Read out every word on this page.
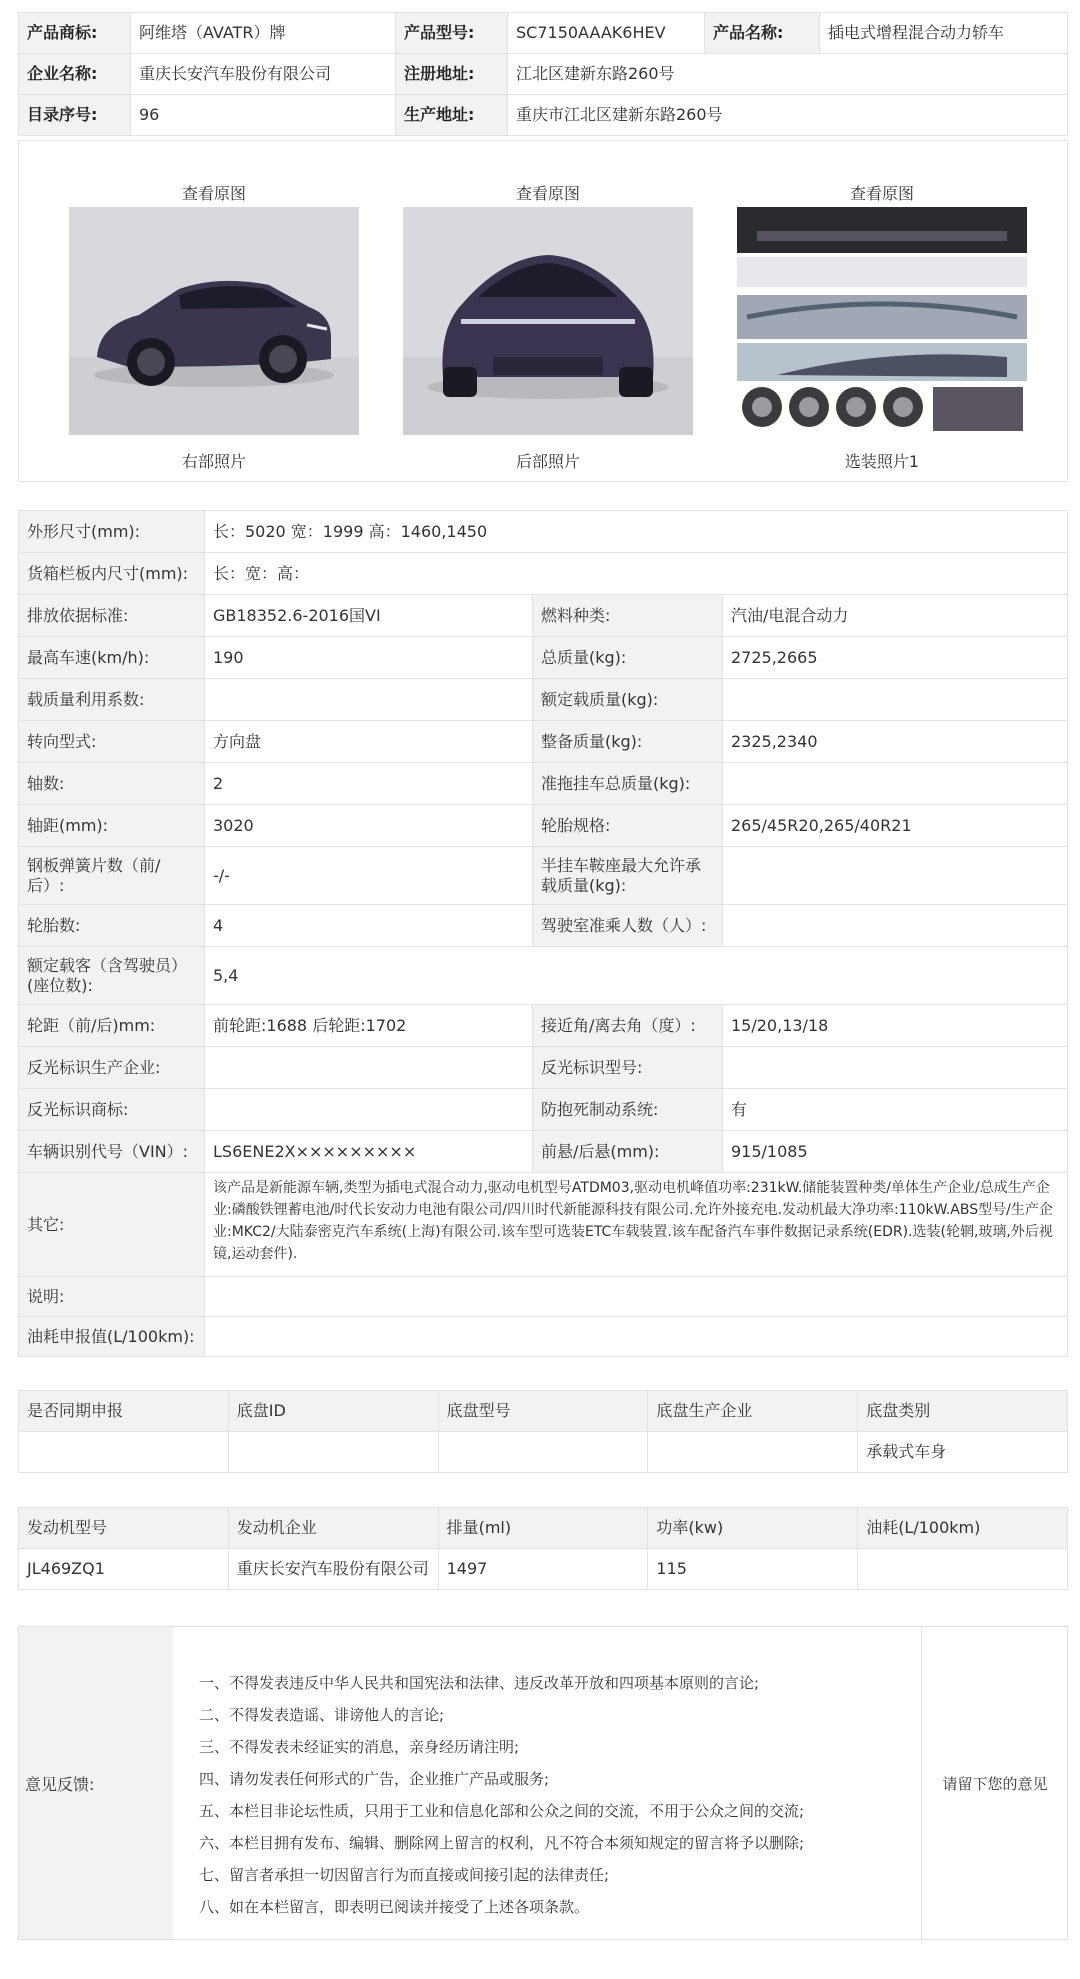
产品商标:	阿维塔（AVATR）牌	产品型号:	SC7150AAAK6HEV	产品名称:	插电式增程混合动力轿车
企业名称:	重庆长安汽车股份有限公司	注册地址:	江北区建新东路260号		
目录序号:	96	生产地址:	重庆市江北区建新东路260号		
查看原图
右部照片
查看原图
后部照片
查看原图
选装照片1
外形尺寸(mm):	长：5020 宽：1999 高：1460,1450		
货箱栏板内尺寸(mm):	长：宽：高：		
排放依据标准:	GB18352.6-2016国VI	燃料种类:	汽油/电混合动力
最高车速(km/h):	190	总质量(kg):	2725,2665
载质量利用系数:		额定载质量(kg):	
转向型式:	方向盘	整备质量(kg):	2325,2340
轴数:	2	准拖挂车总质量(kg):	
轴距(mm):	3020	轮胎规格:	265/45R20,265/40R21
钢板弹簧片数（前/后）:	-/-	半挂车鞍座最大允许承载质量(kg):	
轮胎数:	4	驾驶室准乘人数（人）:	
额定载客（含驾驶员）(座位数):	5,4		
轮距（前/后)mm:	前轮距:1688 后轮距:1702	接近角/离去角（度）:	15/20,13/18
反光标识生产企业:		反光标识型号:	
反光标识商标:		防抱死制动系统:	有
车辆识别代号（VIN）:	LS6ENE2X×××××××××	前悬/后悬(mm):	915/1085
其它:	该产品是新能源车辆,类型为插电式混合动力,驱动电机型号ATDM03,驱动电机峰值功率:231kW.储能装置种类/单体生产企业/总成生产企业:磷酸铁锂蓄电池/时代长安动力电池有限公司/四川时代新能源科技有限公司.允许外接充电.发动机最大净功率:110kW.ABS型号/生产企业:MKC2/大陆泰密克汽车系统(上海)有限公司.该车型可选装ETC车载装置.该车配备汽车事件数据记录系统(EDR).选装(轮辋,玻璃,外后视镜,运动套件).		
说明:			
油耗申报值(L/100km):			
是否同期申报	底盘ID	底盘型号	底盘生产企业	底盘类别
				承载式车身
发动机型号	发动机企业	排量(ml)	功率(kw)	油耗(L/100km)
JL469ZQ1	重庆长安汽车股份有限公司	1497	115	
意见反馈:
一、不得发表违反中华人民共和国宪法和法律、违反改革开放和四项基本原则的言论;
二、不得发表造谣、诽谤他人的言论;
三、不得发表未经证实的消息，亲身经历请注明;
四、请勿发表任何形式的广告，企业推广产品或服务;
五、本栏目非论坛性质，只用于工业和信息化部和公众之间的交流，不用于公众之间的交流;
六、本栏目拥有发布、编辑、删除网上留言的权利，凡不符合本须知规定的留言将予以删除;
七、留言者承担一切因留言行为而直接或间接引起的法律责任;
八、如在本栏留言，即表明已阅读并接受了上述各项条款。
请留下您的意见
